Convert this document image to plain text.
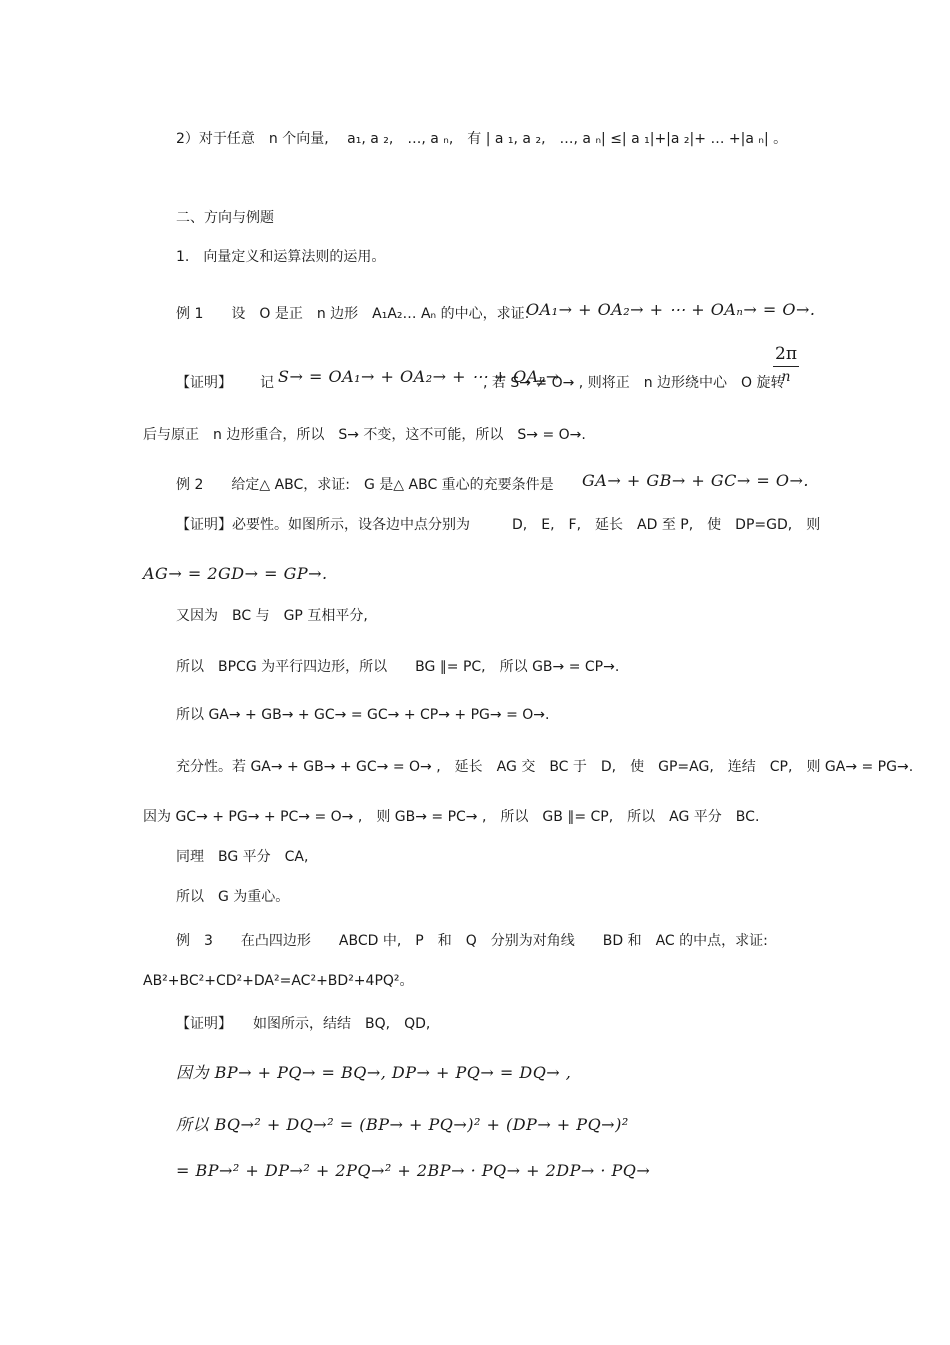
2）对于任意　n 个向量,　 a₁, a ₂,　…, a ₙ,　有 | a ₁, a ₂,　…, a ₙ| ≤| a ₁|+|a ₂|+ … +|a ₙ| 。
二、方向与例题
1.　向量定义和运算法则的运用。
例 1　　设　O 是正　n 边形　A₁A₂… Aₙ 的中心，求证:
OA₁→ + OA₂→ + ⋯ + OAₙ→ = O→.
【证明】 记 S→ = OA₁→ + OA₂→ + ⋯ + OAₙ→
, 若 S→ ≠ O→ , 则将正　n 边形绕中心　O 旋转
2π
n
后与原正　n 边形重合，所以　S→ 不变，这不可能，所以　S→ = O→.
例 2　　给定△ ABC，求证:　G 是△ ABC 重心的充要条件是 GA→ + GB→ + GC→ = O→.
【证明】必要性。如图所示，设各边中点分别为　　　D,　E,　F,　延长　AD 至 P,　使　DP=GD,　则
AG→ = 2GD→ = GP→.
又因为　BC 与　GP 互相平分,
所以　BPCG 为平行四边形，所以　　BG ∥= PC,　所以 GB→ = CP→.
所以 GA→ + GB→ + GC→ = GC→ + CP→ + PG→ = O→.
充分性。若 GA→ + GB→ + GC→ = O→ ,　延长　AG 交　BC 于　D,　使　GP=AG,　连结　CP,　则 GA→ = PG→.
因为 GC→ + PG→ + PC→ = O→ ,　则 GB→ = PC→ ,　所以　GB ∥= CP,　所以　AG 平分　BC.
同理　BG 平分　CA,
所以　G 为重心。
例　3　　在凸四边形　　ABCD 中,　P　和　Q　分别为对角线　　BD 和　AC 的中点，求证:
AB²+BC²+CD²+DA²=AC²+BD²+4PQ²。
【证明】　　如图所示，结结　BQ,　QD,
因为 BP→ + PQ→ = BQ→, DP→ + PQ→ = DQ→ ,
所以 BQ→² + DQ→² = (BP→ + PQ→)² + (DP→ + PQ→)²
= BP→² + DP→² + 2PQ→² + 2BP→ · PQ→ + 2DP→ · PQ→
